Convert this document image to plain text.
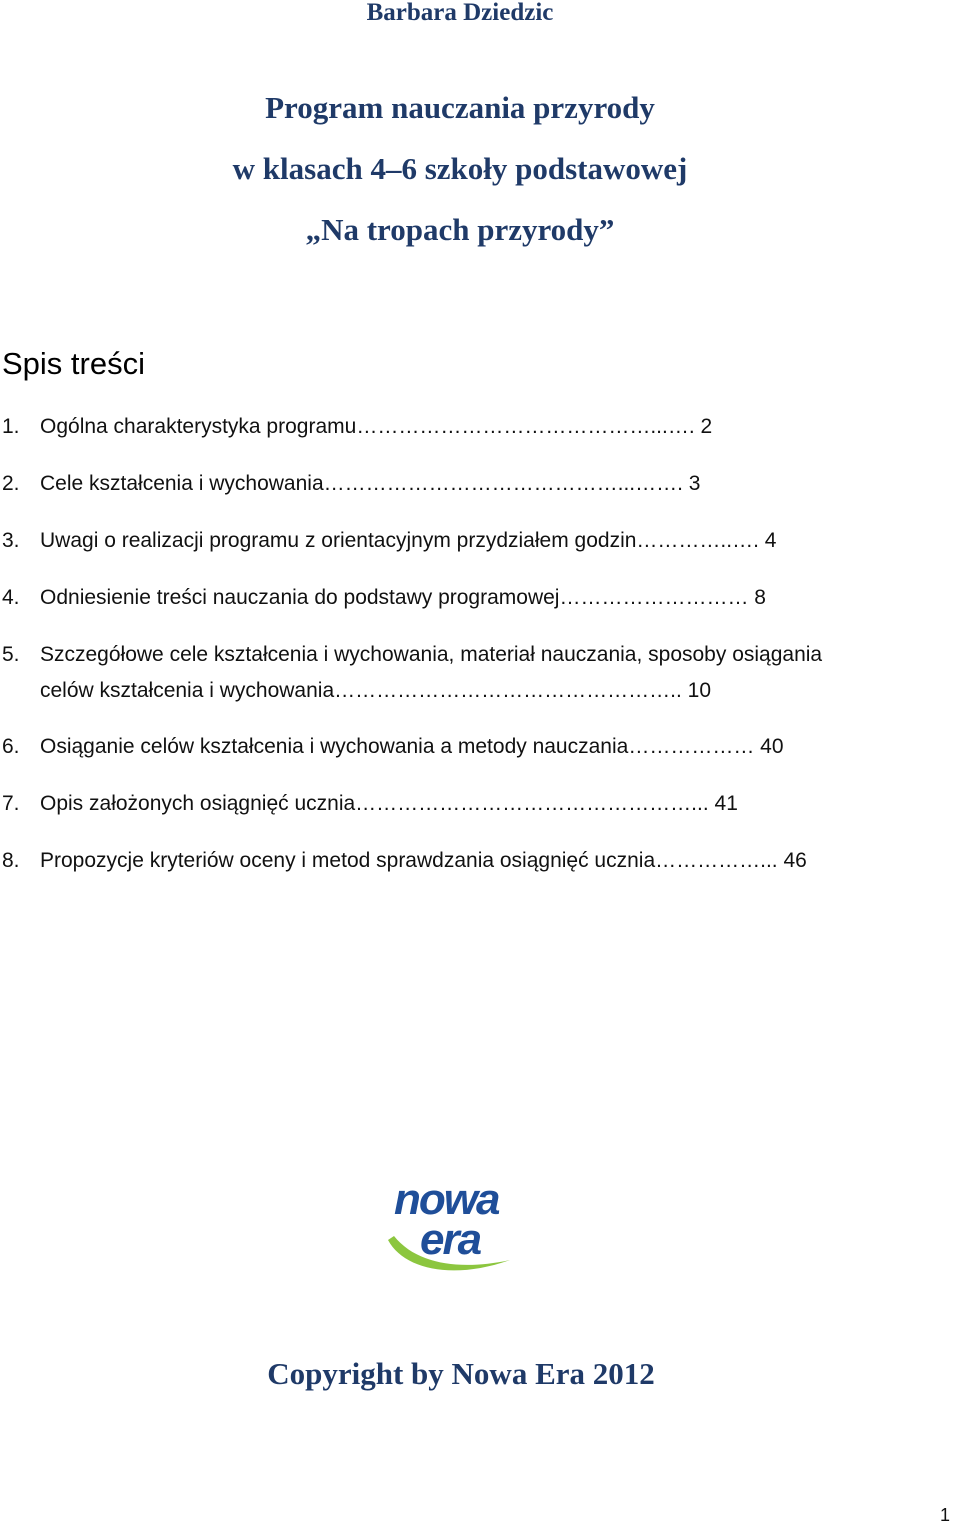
Barbara Dziedzic
Program nauczania przyrody
w klasach 4–6 szkoły podstawowej
„Na tropach przyrody”
Spis treści
1. Ogólna charakterystyka programu……………………………………...…. 2
2. Cele kształcenia i wychowania……………………………………...……. 3
3. Uwagi o realizacji programu z orientacyjnym przydziałem godzin…………..…. 4
4. Odniesienie treści nauczania do podstawy programowej……………………… 8
5. Szczegółowe cele kształcenia i wychowania, materiał nauczania, sposoby osiągania
celów kształcenia i wychowania………………………………………….. 10
6. Osiąganie celów kształcenia i wychowania a metody nauczania……………… 40
7. Opis założonych osiągnięć ucznia…………………………………………... 41
8. Propozycje kryteriów oceny i metod sprawdzania osiągnięć ucznia……………... 46
nowa
era
Copyright by Nowa Era 2012
1
